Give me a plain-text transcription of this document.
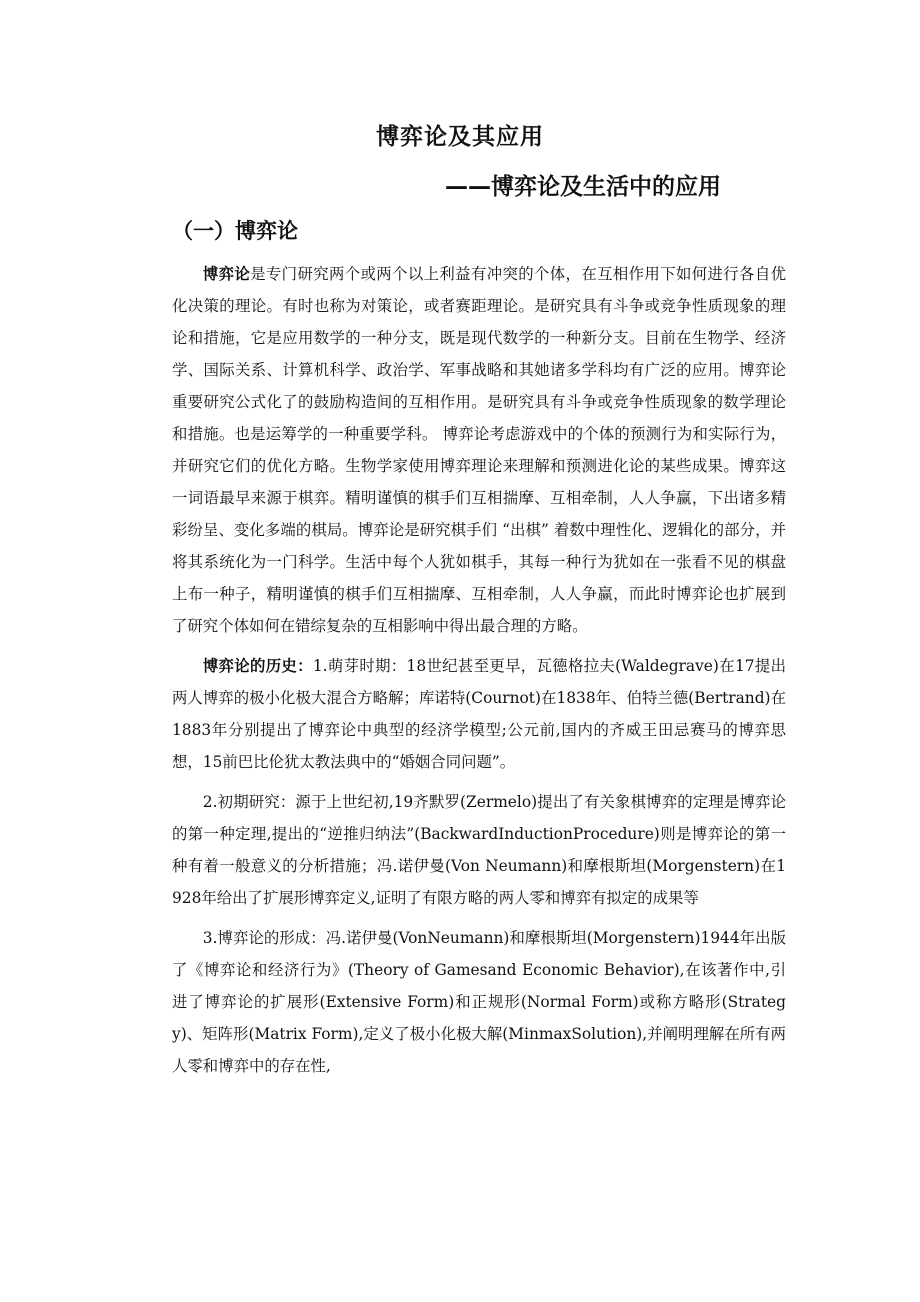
博弈论及其应用
——博弈论及生活中的应用
（一）博弈论

博弈论是专门研究两个或两个以上利益有冲突的个体，在互相作用下如何进行各自优化决策的理论。有时也称为对策论，或者赛距理论。是研究具有斗争或竞争性质现象的理论和措施，它是应用数学的一种分支，既是现代数学的一种新分支。目前在生物学、经济学、国际关系、计算机科学、政治学、军事战略和其她诸多学科均有广泛的应用。博弈论重要研究公式化了的鼓励构造间的互相作用。是研究具有斗争或竞争性质现象的数学理论和措施。也是运筹学的一种重要学科。 博弈论考虑游戏中的个体的预测行为和实际行为，并研究它们的优化方略。生物学家使用博弈理论来理解和预测进化论的某些成果。博弈这一词语最早来源于棋弈。精明谨慎的棋手们互相揣摩、互相牵制，人人争赢，下出诸多精彩纷呈、变化多端的棋局。博弈论是研究棋手们 “出棋” 着数中理性化、逻辑化的部分，并将其系统化为一门科学。生活中每个人犹如棋手，其每一种行为犹如在一张看不见的棋盘上布一种子，精明谨慎的棋手们互相揣摩、互相牵制，人人争赢，而此时博弈论也扩展到了研究个体如何在错综复杂的互相影响中得出最合理的方略。

博弈论的历史：1.萌芽时期：18世纪甚至更早，瓦德格拉夫(Waldegrave)在17提出两人博弈的极小化极大混合方略解；库诺特(Cournot)在1838年、伯特兰德(Bertrand)在1883年分别提出了博弈论中典型的经济学模型;公元前,国内的齐威王田忌赛马的博弈思想，15前巴比伦犹太教法典中的“婚姻合同问题”。

2.初期研究：源于上世纪初,19齐默罗(Zermelo)提出了有关象棋博弈的定理是博弈论的第一种定理,提出的“逆推归纳法”(BackwardInductionProcedure)则是博弈论的第一种有着一般意义的分析措施；冯.诺伊曼(Von Neumann)和摩根斯坦(Morgenstern)在1928年给出了扩展形博弈定义,证明了有限方略的两人零和博弈有拟定的成果等

3.博弈论的形成：冯.诺伊曼(VonNeumann)和摩根斯坦(Morgenstern)1944年出版了《博弈论和经济行为》(Theory of Gamesand Economic Behavior),在该著作中,引进了博弈论的扩展形(Extensive Form)和正规形(Normal Form)或称方略形(Strategy)、矩阵形(Matrix Form),定义了极小化极大解(MinmaxSolution),并阐明理解在所有两人零和博弈中的存在性,
